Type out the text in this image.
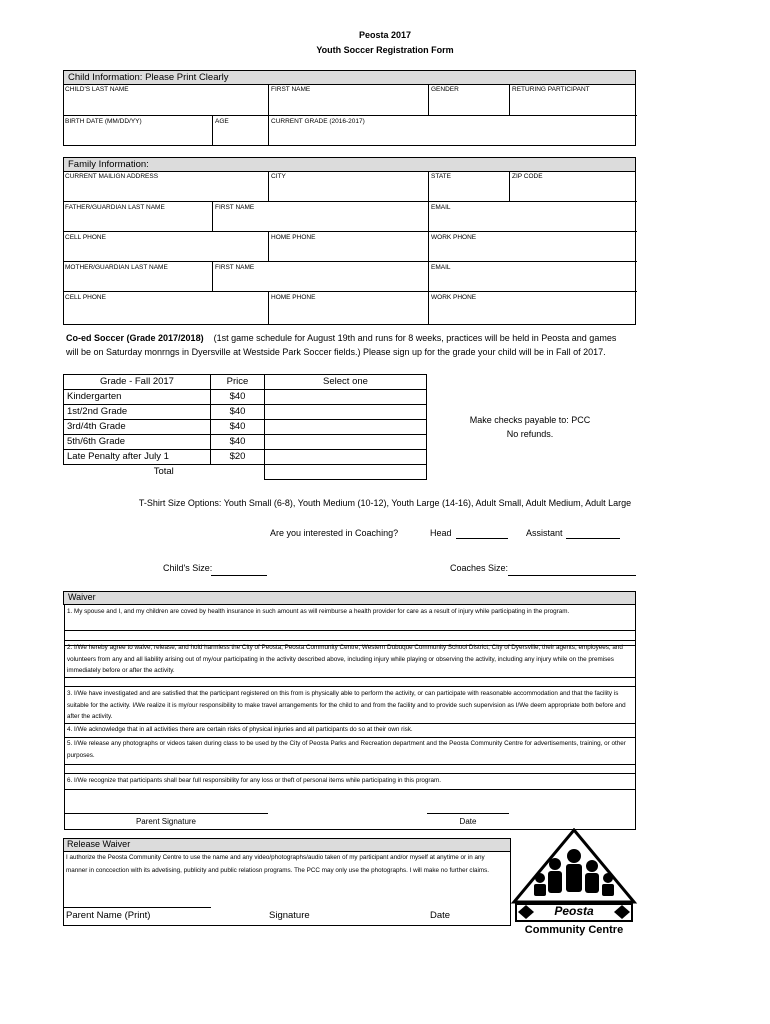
Peosta 2017
Youth Soccer Registration Form
Child Information: Please Print Clearly
CHILD'S LAST NAME	FIRST NAME	GENDER	RETURING PARTICIPANT
BIRTH DATE (MM/DD/YY)	AGE	CURRENT GRADE (2016-2017)
Family Information:
CURRENT MAILIGN ADDRESS	CITY	STATE	ZIP CODE
FATHER/GUARDIAN LAST NAME	FIRST NAME	EMAIL
CELL PHONE	HOME PHONE	WORK PHONE
MOTHER/GUARDIAN LAST NAME	FIRST NAME	EMAIL
CELL PHONE	HOME PHONE	WORK PHONE
Co-ed Soccer (Grade 2017/2018) (1st game schedule for August 19th and runs for 8 weeks, practices will be held in Peosta and games
will be on Saturday monrngs in Dyersville at Westside Park Soccer fields.) Please sign up for the grade your child will be in Fall of 2017.
Grade - Fall 2017	Price	Select one
Kindergarten	$40	
1st/2nd Grade	$40	
3rd/4th Grade	$40	
5th/6th Grade	$40	
Late Penalty after July 1	$20	
Total		
Make checks payable to: PCC
No refunds.
T-Shirt Size Options: Youth Small (6-8), Youth Medium (10-12), Youth Large (14-16), Adult Small, Adult Medium, Adult Large
Are you interested in Coaching?	Head	Assistant
Child's Size:	Coaches Size:
Waiver
1. My spouse and I, and my children are coved by health insurance in such amount as will reimburse a health provider for care as a result of injury while participating in the program.
2. I/We hereby agree to waive, release, and hold harmless the City of Peosta, Peosta Community Centre, Western Dubuque Community School District, City of Dyersville, their agents, employees, and volunteers from any and all liability arising out of my/our participating in the activity described above, including injury while playing or observing the activity, including any injury while on the premises immediately before or after the activity.
3. I/We have investigated and are satisfied that the participant registered on this from is physically able to perform the activity, or can participate with reasonable accommodation and that the facility is suitable for the activity. I/We realize it is my/our responsibility to make travel arrangements for the child to and from the facility and to provide such supervision as I/We deem appropriate both before and after the activity.
4. I/We acknowledge that in all activities there are certain risks of physical injuries and all participants do so at their own risk.
5. I/We release any photographs or videos taken during class to be used by the City of Peosta Parks and Recreation department and the Peosta Community Centre for advertisements, training, or other purposes.
6. I/We recognize that participants shall bear full responsibility for any loss or theft of personal items while participating in this program.
Parent Signature	Date
Release Waiver
I authorize the Peosta Community Centre to use the name and any video/photographs/audio taken of my participant and/or myself at anytime or in any manner in conccection with its advetising, publicity and public relatiosn programs. The PCC may only use the photographs. I will make no further claims.
Parent Name (Print)	Signature	Date	Peosta
Community Centre
